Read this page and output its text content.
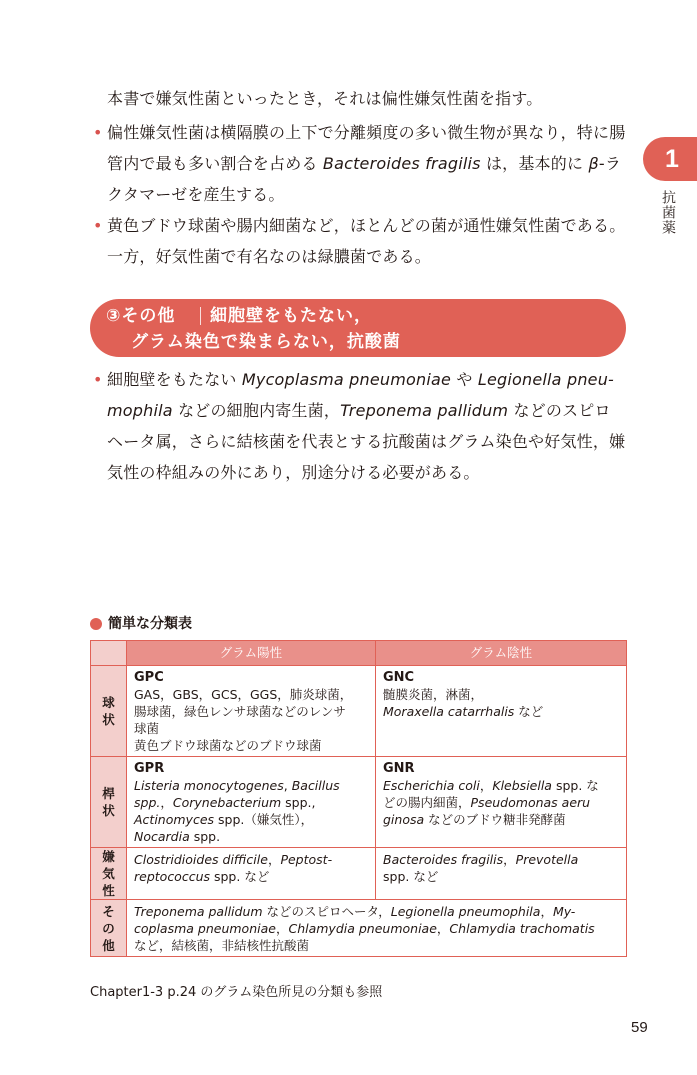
1
抗菌薬
本書で嫌気性菌といったとき，それは偏性嫌気性菌を指す。
• 偏性嫌気性菌は横隔膜の上下で分離頻度の多い微生物が異なり，特に腸
管内で最も多い割合を占める Bacteroides fragilis は，基本的に β-ラ
クタマーゼを産生する。
• 黄色ブドウ球菌や腸内細菌など，ほとんどの菌が通性嫌気性菌である。
一方，好気性菌で有名なのは緑膿菌である。
③その他 細胞壁をもたない，
グラム染色で染まらない，抗酸菌
• 細胞壁をもたない Mycoplasma pneumoniae や Legionella pneu-
mophila などの細胞内寄生菌，Treponema pallidum などのスピロ
ヘータ属，さらに結核菌を代表とする抗酸菌はグラム染色や好気性，嫌
気性の枠組みの外にあり，別途分ける必要がある。
簡単な分類表
	グラム陽性	グラム陰性

球
状	GPC
GAS，GBS，GCS，GGS，肺炎球菌，
腸球菌，緑色レンサ球菌などのレンサ
球菌
黄色ブドウ球菌などのブドウ球菌	GNC
髄膜炎菌，淋菌，
Moraxella catarrhalis など

桿
状	GPR
Listeria monocytogenes, Bacillus
spp.，Corynebacterium spp.,
Actinomyces spp.（嫌気性），
Nocardia spp.	GNR
Escherichia coli，Klebsiella spp. な
どの腸内細菌，Pseudomonas aeru
ginosa などのブドウ糖非発酵菌

嫌
気
性	Clostridioides difficile，Peptost-
reptococcus spp. など	Bacteroides fragilis，Prevotella
spp. など

そ
の
他	Treponema pallidum などのスピロヘータ，Legionella pneumophila，My-
coplasma pneumoniae，Chlamydia pneumoniae，Chlamydia trachomatis
など，結核菌，非結核性抗酸菌	
Chapter1-3 p.24 のグラム染色所見の分類も参照
59
